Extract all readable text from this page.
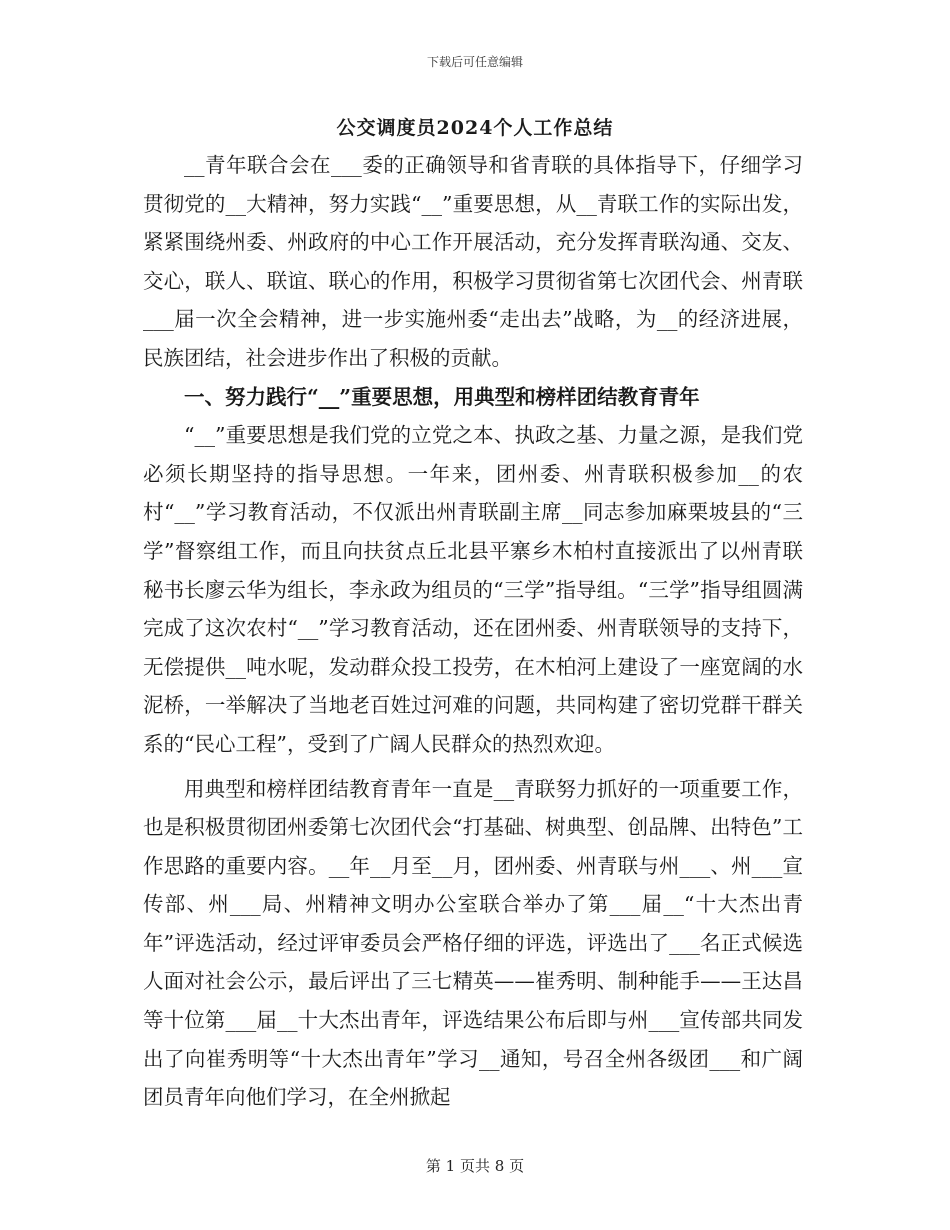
下载后可任意编辑
公交调度员2024个人工作总结

__青年联合会在___委的正确领导和省青联的具体指导下，仔细学习贯彻党的__大精神，努力实践“__”重要思想，从__青联工作的实际出发，紧紧围绕州委、州政府的中心工作开展活动，充分发挥青联沟通、交友、交心，联人、联谊、联心的作用，积极学习贯彻省第七次团代会、州青联___届一次全会精神，进一步实施州委“走出去”战略，为__的经济进展，民族团结，社会进步作出了积极的贡献。

一、努力践行“__”重要思想，用典型和榜样团结教育青年

“__”重要思想是我们党的立党之本、执政之基、力量之源，是我们党必须长期坚持的指导思想。一年来，团州委、州青联积极参加__的农村“__”学习教育活动，不仅派出州青联副主席__同志参加麻栗坡县的“三学”督察组工作，而且向扶贫点丘北县平寨乡木柏村直接派出了以州青联秘书长廖云华为组长，李永政为组员的“三学”指导组。“三学”指导组圆满完成了这次农村“__”学习教育活动，还在团州委、州青联领导的支持下，无偿提供__吨水呢，发动群众投工投劳，在木柏河上建设了一座宽阔的水泥桥，一举解决了当地老百姓过河难的问题，共同构建了密切党群干群关系的“民心工程”，受到了广阔人民群众的热烈欢迎。

用典型和榜样团结教育青年一直是__青联努力抓好的一项重要工作，也是积极贯彻团州委第七次团代会“打基础、树典型、创品牌、出特色”工作思路的重要内容。__年__月至__月，团州委、州青联与州___、州___宣传部、州___局、州精神文明办公室联合举办了第___届__“十大杰出青年”评选活动，经过评审委员会严格仔细的评选，评选出了___名正式候选人面对社会公示，最后评出了三七精英——崔秀明、制种能手——王达昌等十位第___届__十大杰出青年，评选结果公布后即与州___宣传部共同发出了向崔秀明等“十大杰出青年”学习__通知，号召全州各级团___和广阔团员青年向他们学习，在全州掀起

第 1 页共 8 页
